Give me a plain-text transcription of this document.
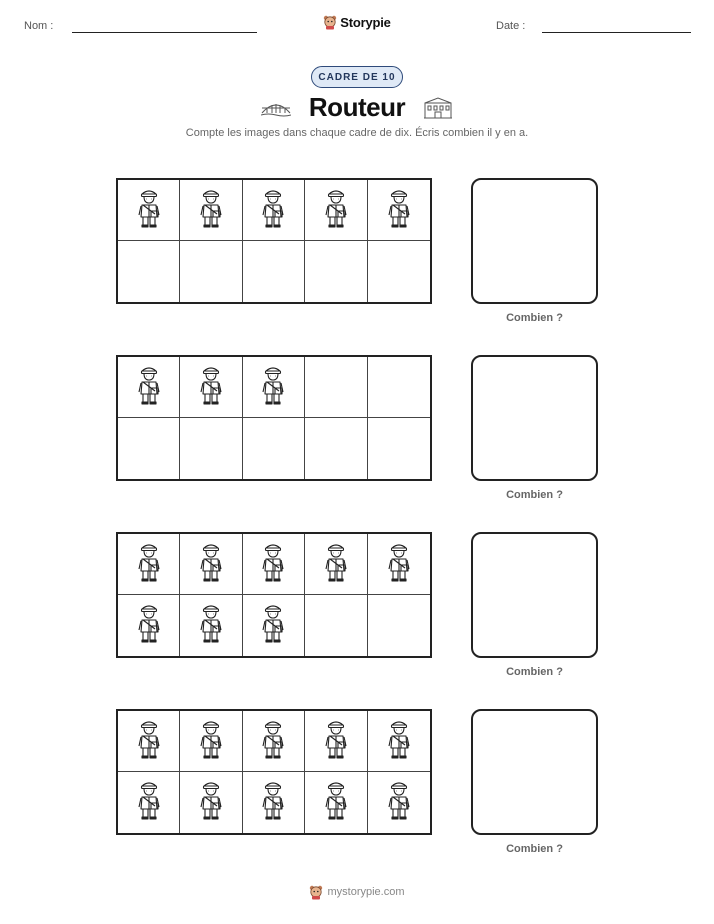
Nom :	Storypie	Date :
CADRE DE 10
Routeur
Compte les images dans chaque cadre de dix. Écris combien il y en a.
Combien ?
Combien ?
Combien ?
Combien ?
mystorypie.com
